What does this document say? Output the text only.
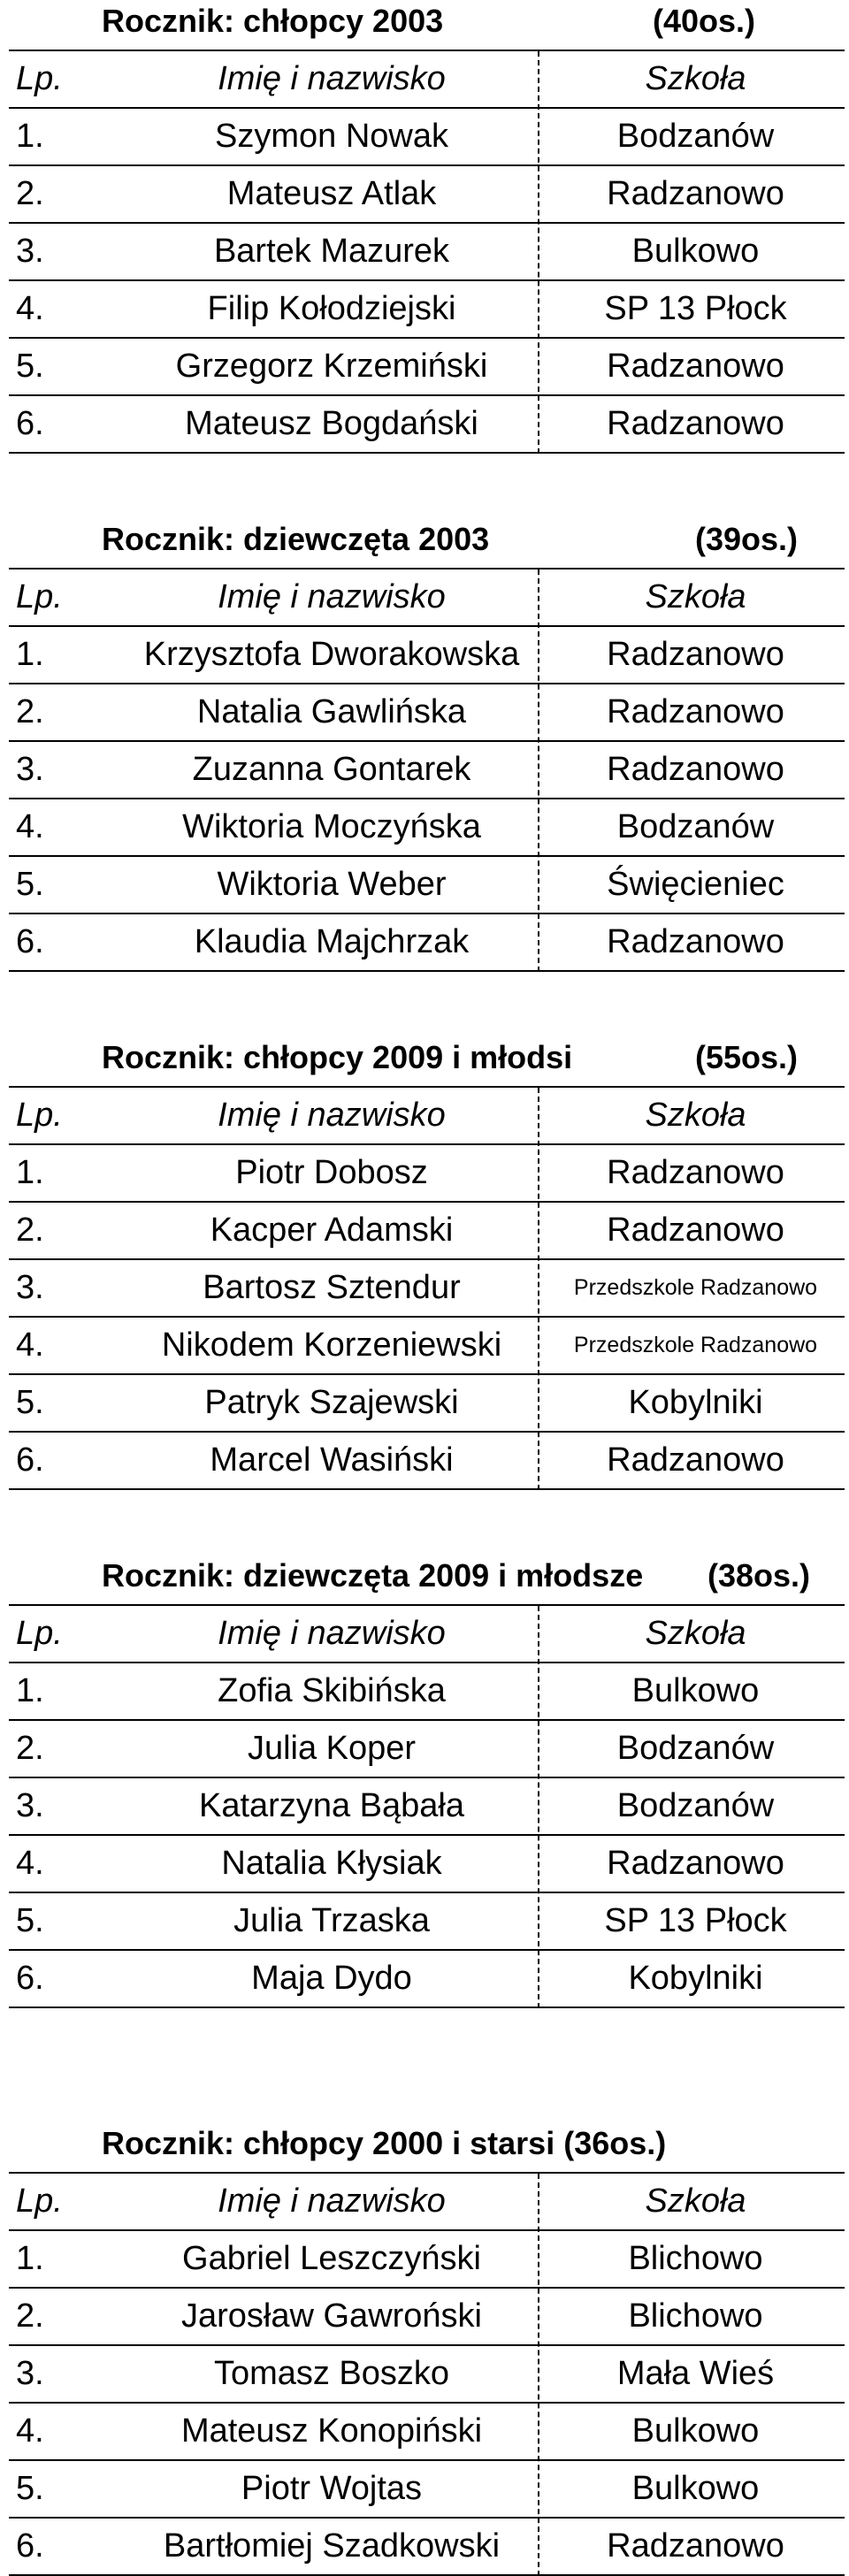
Rocznik: chłopcy 2003	(40os.)
Lp.	Imię i nazwisko	Szkoła
1.	Szymon Nowak	Bodzanów
2.	Mateusz Atlak	Radzanowo
3.	Bartek Mazurek	Bulkowo
4.	Filip Kołodziejski	SP 13 Płock
5.	Grzegorz Krzemiński	Radzanowo
6.	Mateusz Bogdański	Radzanowo
Rocznik: dziewczęta 2003	(39os.)
Lp.	Imię i nazwisko	Szkoła
1.	Krzysztofa Dworakowska	Radzanowo
2.	Natalia Gawlińska	Radzanowo
3.	Zuzanna Gontarek	Radzanowo
4.	Wiktoria Moczyńska	Bodzanów
5.	Wiktoria Weber	Święcieniec
6.	Klaudia Majchrzak	Radzanowo
Rocznik: chłopcy 2009 i młodsi	(55os.)
Lp.	Imię i nazwisko	Szkoła
1.	Piotr Dobosz	Radzanowo
2.	Kacper Adamski	Radzanowo
3.	Bartosz Sztendur	Przedszkole Radzanowo
4.	Nikodem Korzeniewski	Przedszkole Radzanowo
5.	Patryk Szajewski	Kobylniki
6.	Marcel Wasiński	Radzanowo
Rocznik: dziewczęta 2009 i młodsze (38os.)
Lp.	Imię i nazwisko	Szkoła
1.	Zofia Skibińska	Bulkowo
2.	Julia Koper	Bodzanów
3.	Katarzyna Bąbała	Bodzanów
4.	Natalia Kłysiak	Radzanowo
5.	Julia Trzaska	SP 13 Płock
6.	Maja Dydo	Kobylniki
Rocznik: chłopcy 2000 i starsi (36os.)
Lp.	Imię i nazwisko	Szkoła
1.	Gabriel Leszczyński	Blichowo
2.	Jarosław Gawroński	Blichowo
3.	Tomasz Boszko	Mała Wieś
4.	Mateusz Konopiński	Bulkowo
5.	Piotr Wojtas	Bulkowo
6.	Bartłomiej Szadkowski	Radzanowo
